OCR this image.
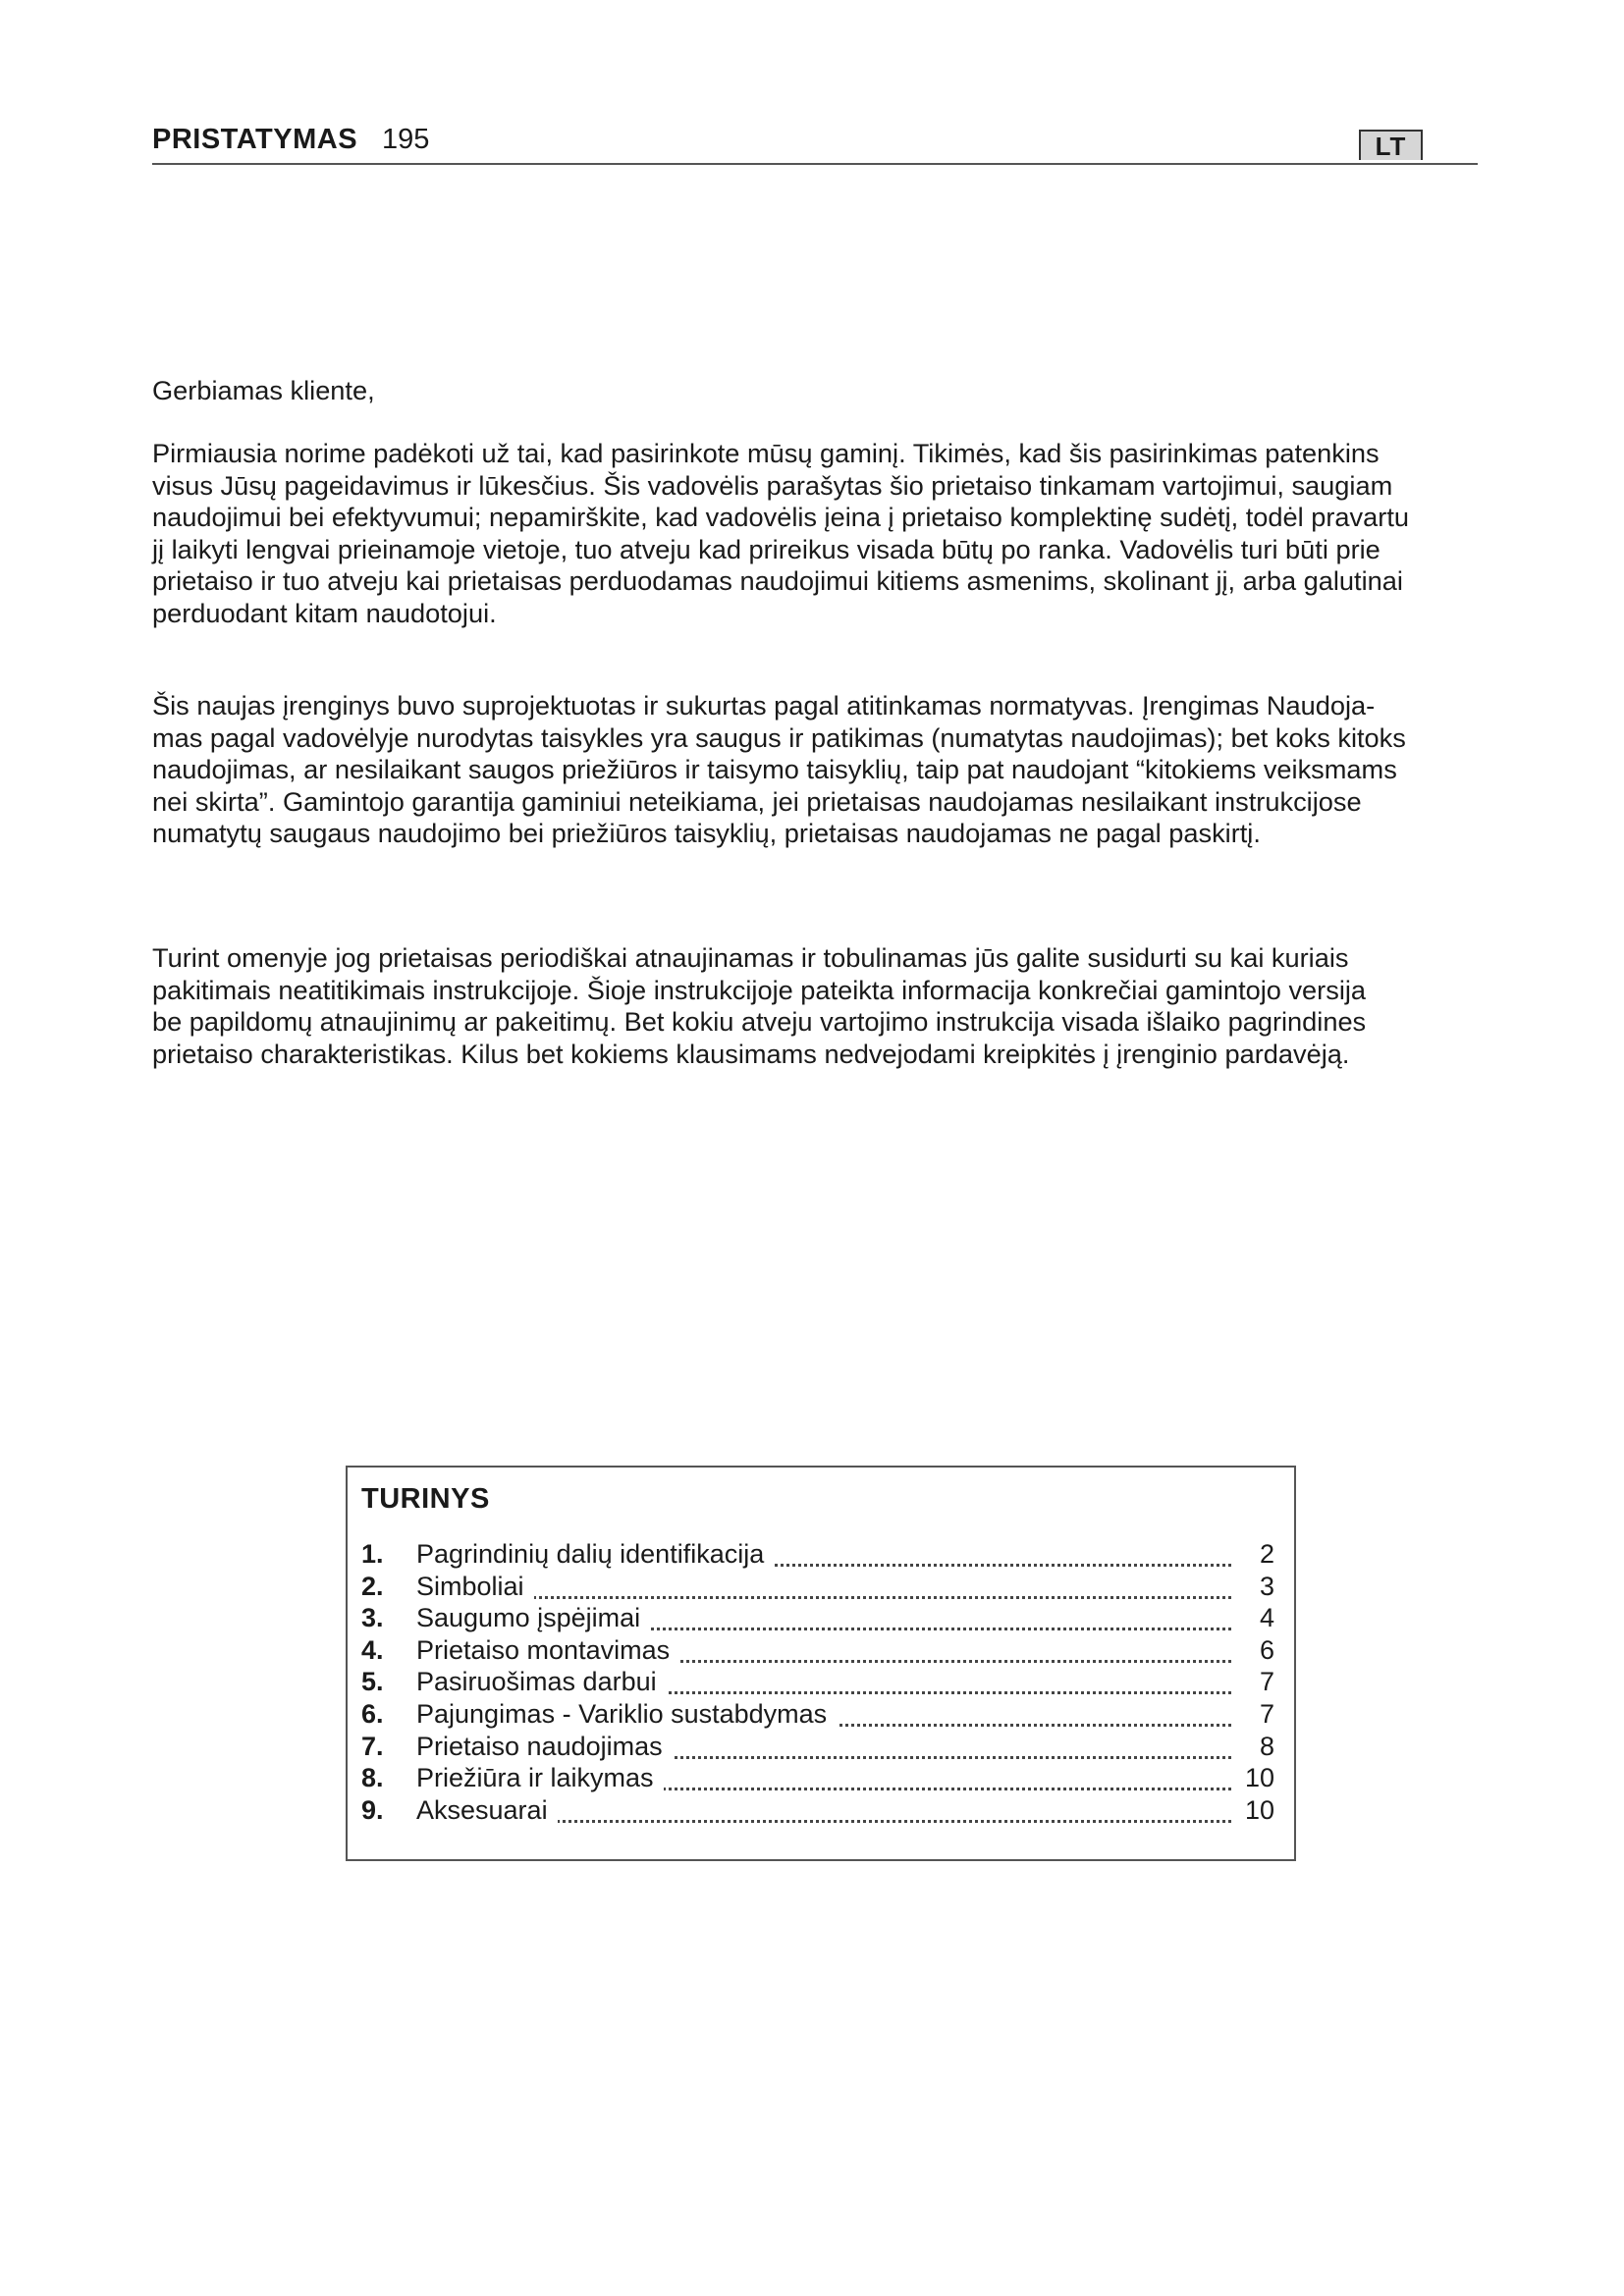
PRISTATYMAS 195	LT

Gerbiamas kliente,

Pirmiausia norime padėkoti už tai, kad pasirinkote mūsų gaminį. Tikimės, kad šis pasirinkimas patenkins
visus Jūsų pageidavimus ir lūkesčius. Šis vadovėlis parašytas šio prietaiso tinkamam vartojimui, saugiam
naudojimui bei efektyvumui; nepamirškite, kad vadovėlis įeina į prietaiso komplektinę sudėtį, todėl pravartu
jį laikyti lengvai prieinamoje vietoje, tuo atveju kad prireikus visada būtų po ranka. Vadovėlis turi būti prie
prietaiso ir tuo atveju kai prietaisas perduodamas naudojimui kitiems asmenims, skolinant jį, arba galutinai
perduodant kitam naudotojui.

Šis naujas įrenginys buvo suprojektuotas ir sukurtas pagal atitinkamas normatyvas. Įrengimas Naudoja-
mas pagal vadovėlyje nurodytas taisykles yra saugus ir patikimas (numatytas naudojimas); bet koks kitoks
naudojimas, ar nesilaikant saugos priežiūros ir taisymo taisyklių, taip pat naudojant “kitokiems veiksmams
nei skirta”. Gamintojo garantija gaminiui neteikiama, jei prietaisas naudojamas nesilaikant instrukcijose
numatytų saugaus naudojimo bei priežiūros taisyklių, prietaisas naudojamas ne pagal paskirtį.

Turint omenyje jog prietaisas periodiškai atnaujinamas ir tobulinamas jūs galite susidurti su kai kuriais
pakitimais neatitikimais instrukcijoje. Šioje instrukcijoje pateikta informacija konkrečiai gamintojo versija
be papildomų atnaujinimų ar pakeitimų. Bet kokiu atveju vartojimo instrukcija visada išlaiko pagrindines
prietaiso charakteristikas. Kilus bet kokiems klausimams nedvejodami kreipkitės į įrenginio pardavėją.

TURINYS
1. Pagrindinių dalių identifikacija	2
2. Simboliai	3
3. Saugumo įspėjimai	4
4. Prietaiso montavimas	6
5. Pasiruošimas darbui	7
6. Pajungimas - Variklio sustabdymas	7
7. Prietaiso naudojimas	8
8. Priežiūra ir laikymas	10
9. Aksesuarai	10
